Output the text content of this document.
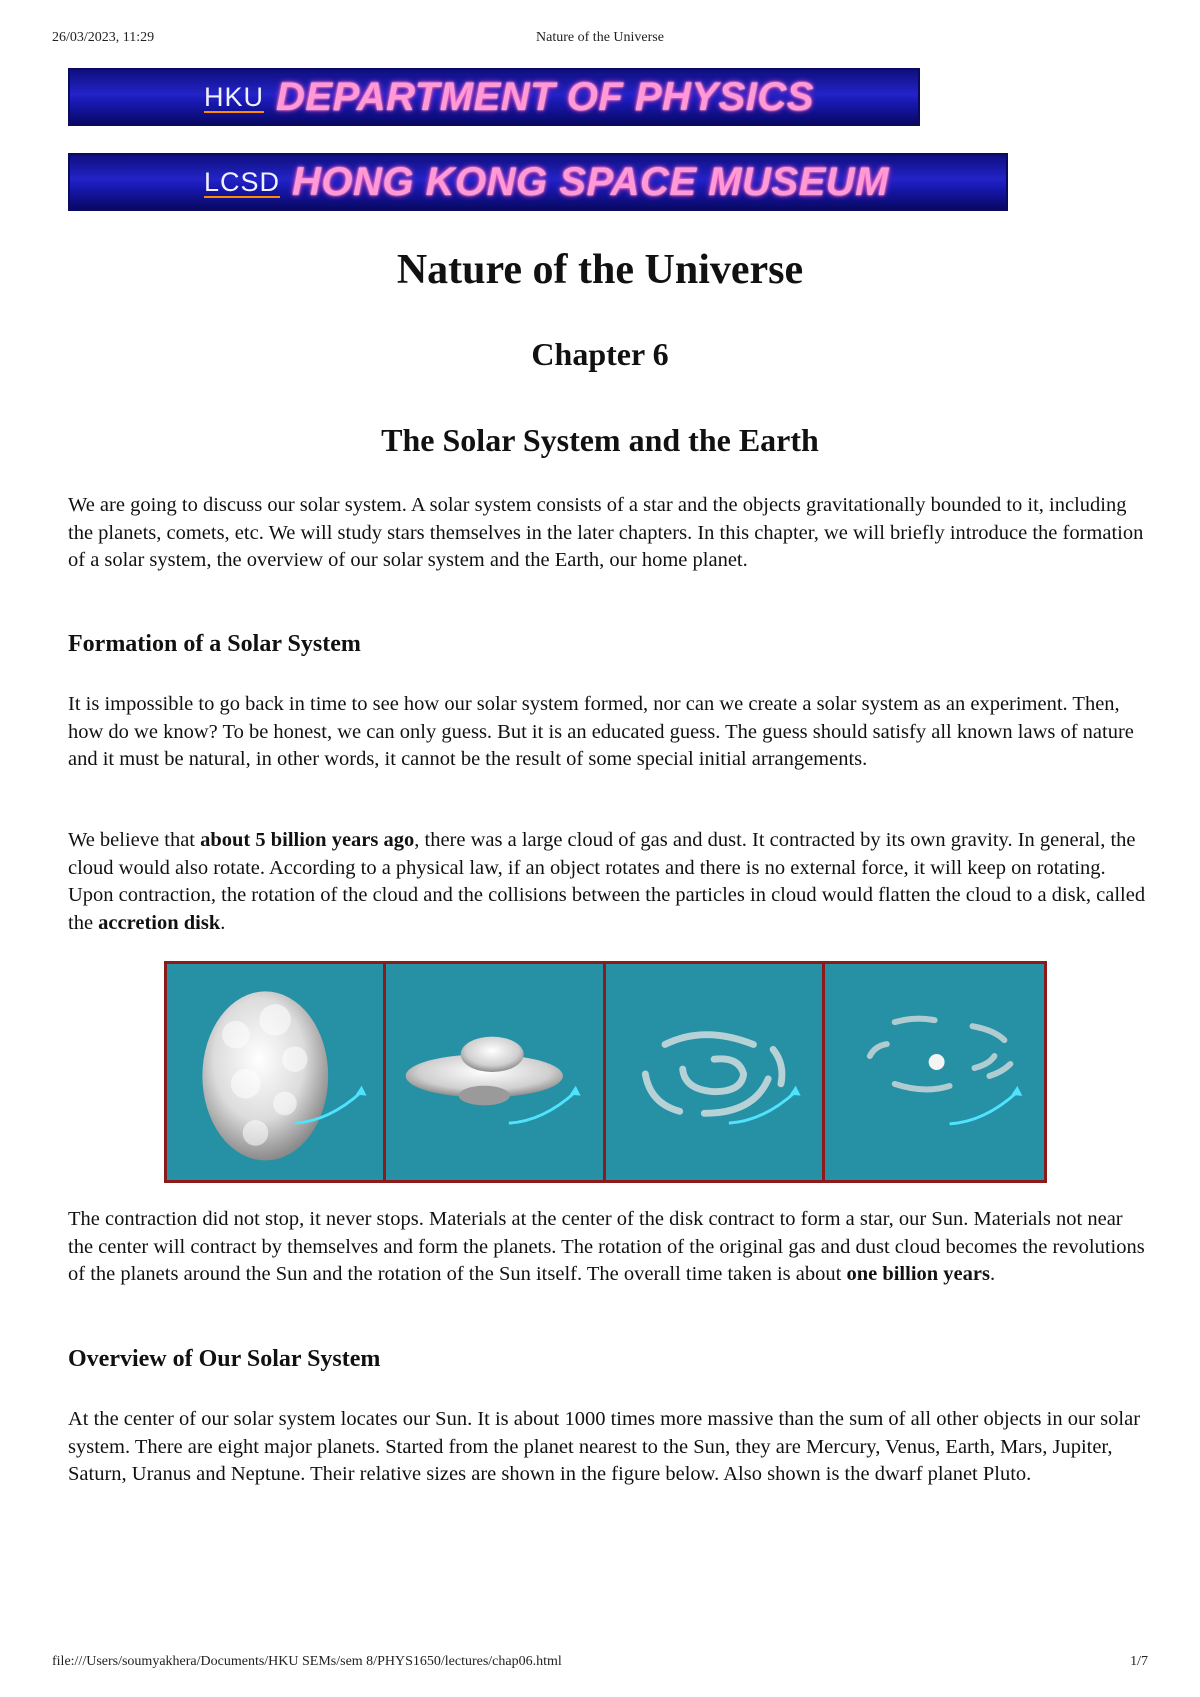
26/03/2023, 11:29	Nature of the Universe
HKU DEPARTMENT OF PHYSICS
LCSD HONG KONG SPACE MUSEUM
Nature of the Universe
Chapter 6
The Solar System and the Earth

We are going to discuss our solar system. A solar system consists of a star and the objects gravitationally bounded to it, including the planets, comets, etc. We will study stars themselves in the later chapters. In this chapter, we will briefly introduce the formation of a solar system, the overview of our solar system and the Earth, our home planet.

Formation of a Solar System

It is impossible to go back in time to see how our solar system formed, nor can we create a solar system as an experiment. Then, how do we know? To be honest, we can only guess. But it is an educated guess. The guess should satisfy all known laws of nature and it must be natural, in other words, it cannot be the result of some special initial arrangements.

We believe that about 5 billion years ago, there was a large cloud of gas and dust. It contracted by its own gravity. In general, the cloud would also rotate. According to a physical law, if an object rotates and there is no external force, it will keep on rotating. Upon contraction, the rotation of the cloud and the collisions between the particles in cloud would flatten the cloud to a disk, called the accretion disk.

The contraction did not stop, it never stops. Materials at the center of the disk contract to form a star, our Sun. Materials not near the center will contract by themselves and form the planets. The rotation of the original gas and dust cloud becomes the revolutions of the planets around the Sun and the rotation of the Sun itself. The overall time taken is about one billion years.

Overview of Our Solar System

At the center of our solar system locates our Sun. It is about 1000 times more massive than the sum of all other objects in our solar system. There are eight major planets. Started from the planet nearest to the Sun, they are Mercury, Venus, Earth, Mars, Jupiter, Saturn, Uranus and Neptune. Their relative sizes are shown in the figure below. Also shown is the dwarf planet Pluto.

file:///Users/soumyakhera/Documents/HKU SEMs/sem 8/PHYS1650/lectures/chap06.html	1/7
